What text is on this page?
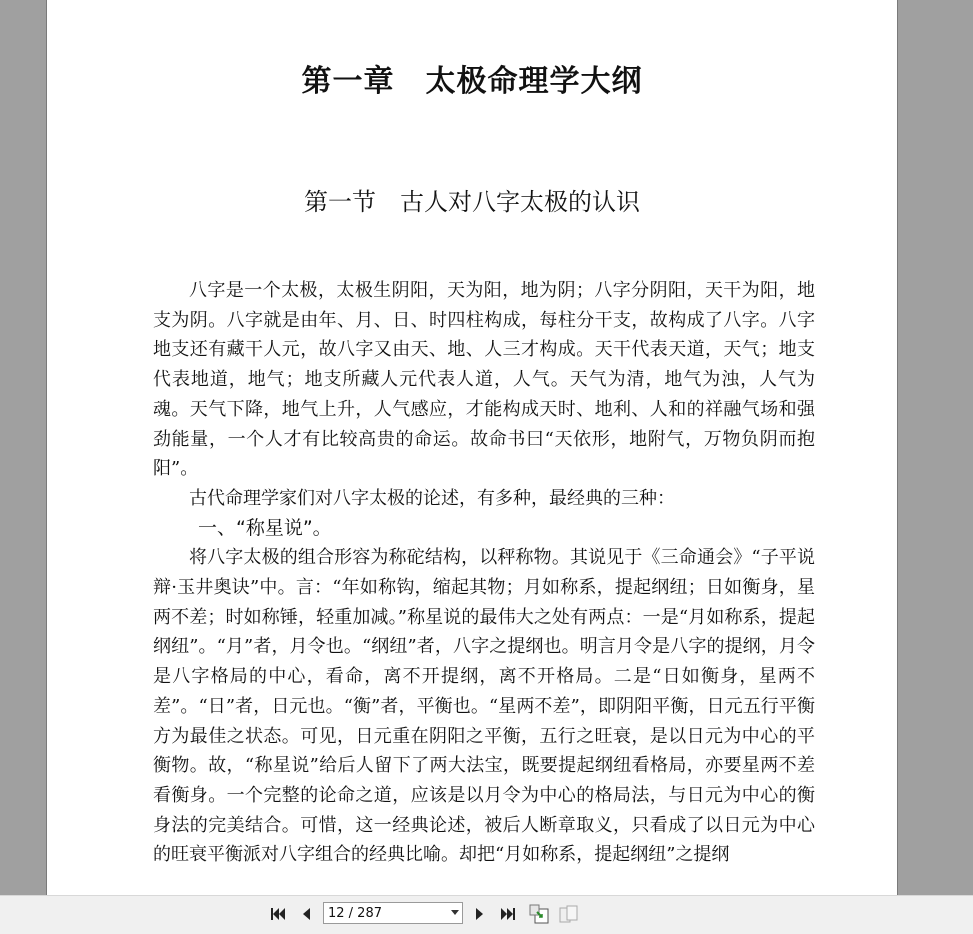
第一章　太极命理学大纲
第一节　古人对八字太极的认识

八字是一个太极，太极生阴阳，天为阳，地为阴；八字分阴阳，天干为阳，地支为阴。八字就是由年、月、日、时四柱构成，每柱分干支，故构成了八字。八字地支还有藏干人元，故八字又由天、地、人三才构成。天干代表天道，天气；地支代表地道，地气；地支所藏人元代表人道，人气。天气为清，地气为浊，人气为魂。天气下降，地气上升，人气感应，才能构成天时、地利、人和的祥融气场和强劲能量，一个人才有比较高贵的命运。故命书曰“天依形，地附气，万物负阴而抱阳”。

古代命理学家们对八字太极的论述，有多种，最经典的三种：

一、“称星说”。

将八字太极的组合形容为称砣结构，以秤称物。其说见于《三命通会》“子平说辩·玉井奥诀”中。言：“年如称钩，缩起其物；月如称系，提起纲纽；日如衡身，星两不差；时如称锤，轻重加减。”称星说的最伟大之处有两点：一是“月如称系，提起纲纽”。“月”者，月令也。“纲纽”者，八字之提纲也。明言月令是八字的提纲，月令是八字格局的中心，看命，离不开提纲，离不开格局。二是“日如衡身，星两不差”。“日”者，日元也。“衡”者，平衡也。“星两不差”，即阴阳平衡，日元五行平衡方为最佳之状态。可见，日元重在阴阳之平衡，五行之旺衰，是以日元为中心的平衡物。故，“称星说”给后人留下了两大法宝，既要提起纲纽看格局，亦要星两不差看衡身。一个完整的论命之道，应该是以月令为中心的格局法，与日元为中心的衡身法的完美结合。可惜，这一经典论述，被后人断章取义，只看成了以日元为中心的旺衰平衡派对八字组合的经典比喻。却把“月如称系，提起纲纽”之提纲

12 / 287
